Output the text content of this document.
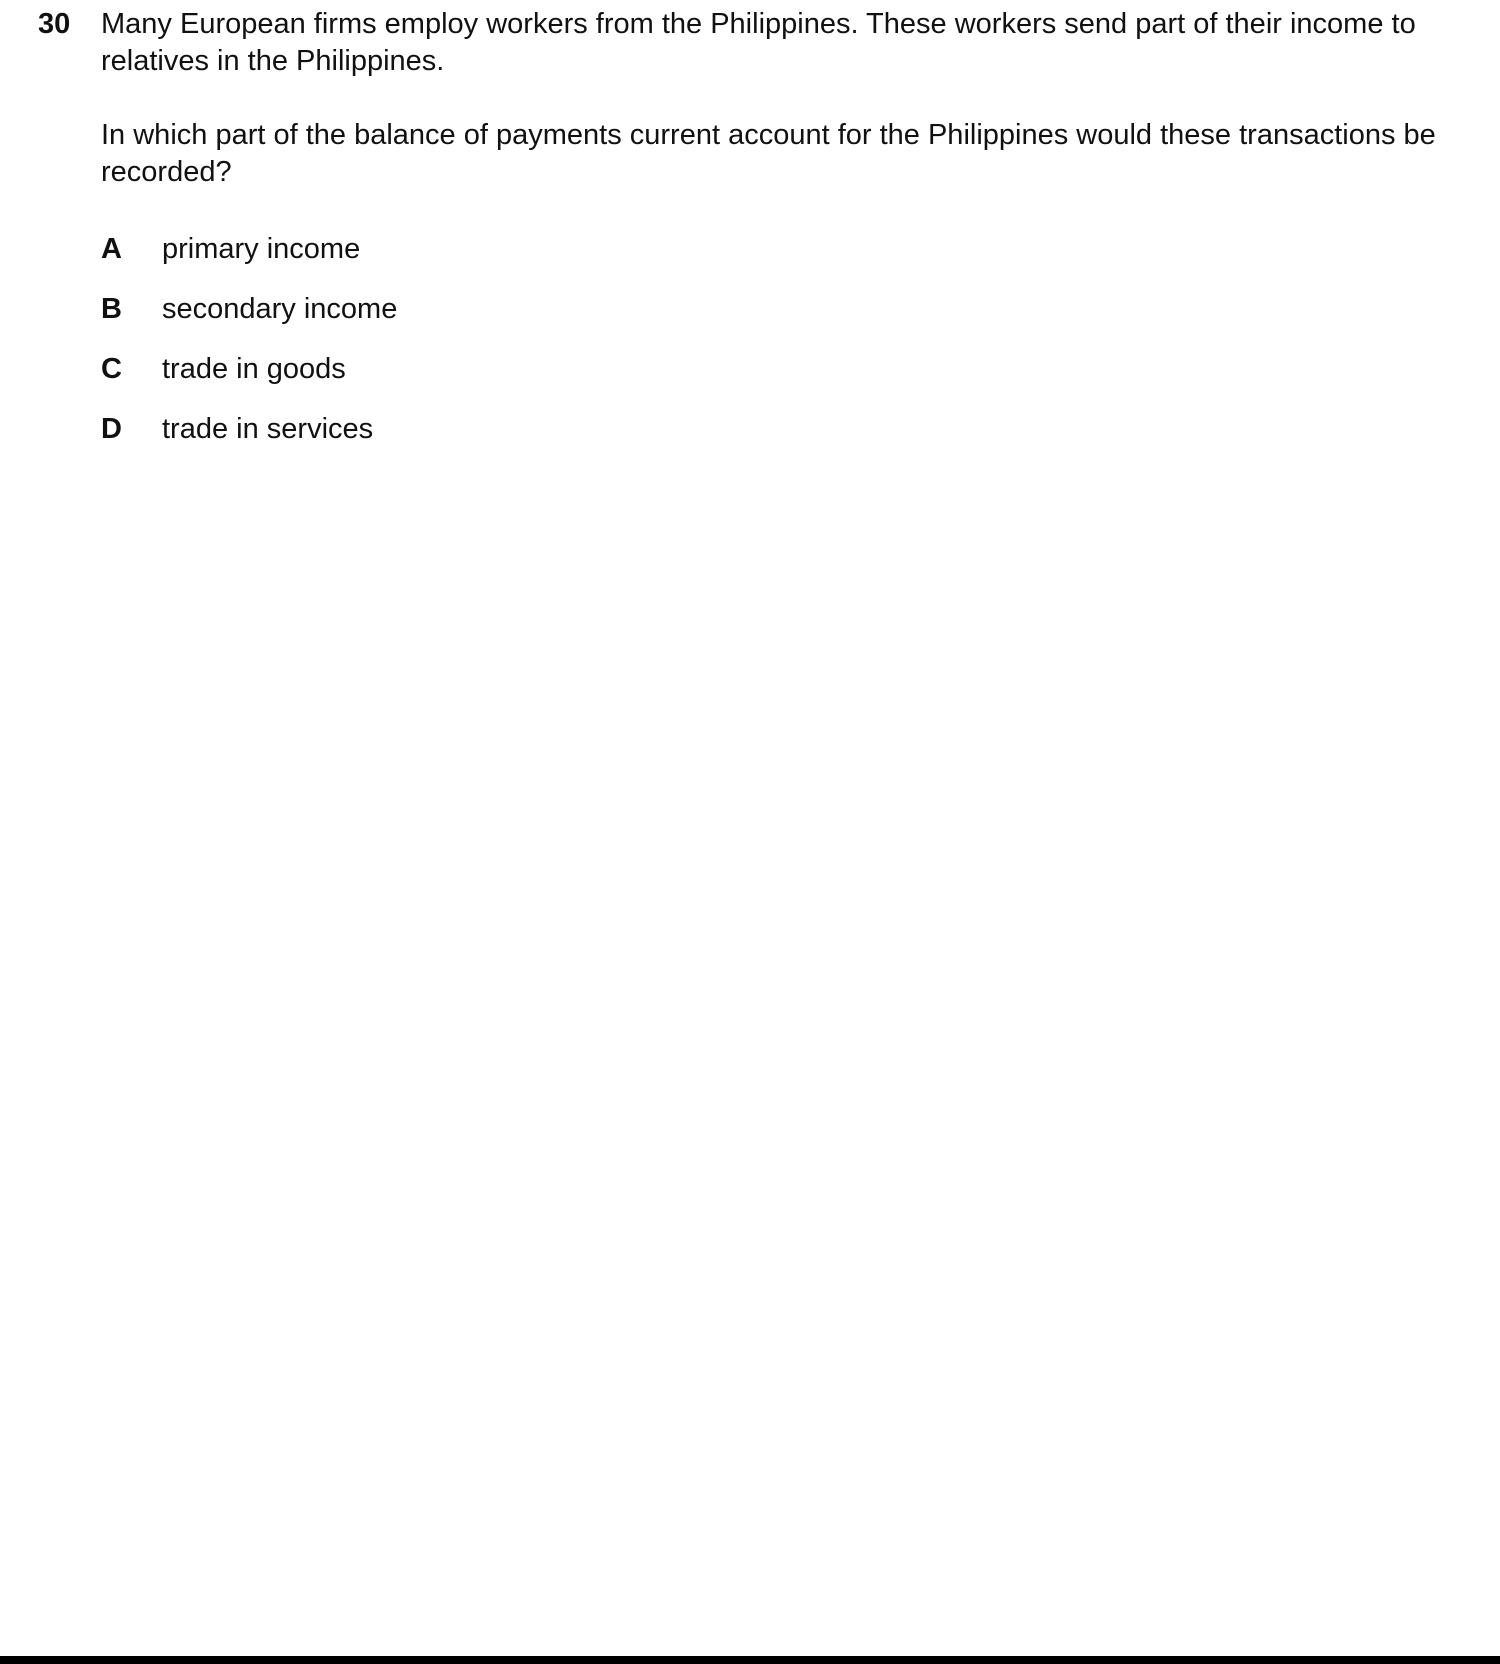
30 Many European firms employ workers from the Philippines. These workers send part of their income to relatives in the Philippines.

In which part of the balance of payments current account for the Philippines would these transactions be recorded?

A primary income
B secondary income
C trade in goods
D trade in services
